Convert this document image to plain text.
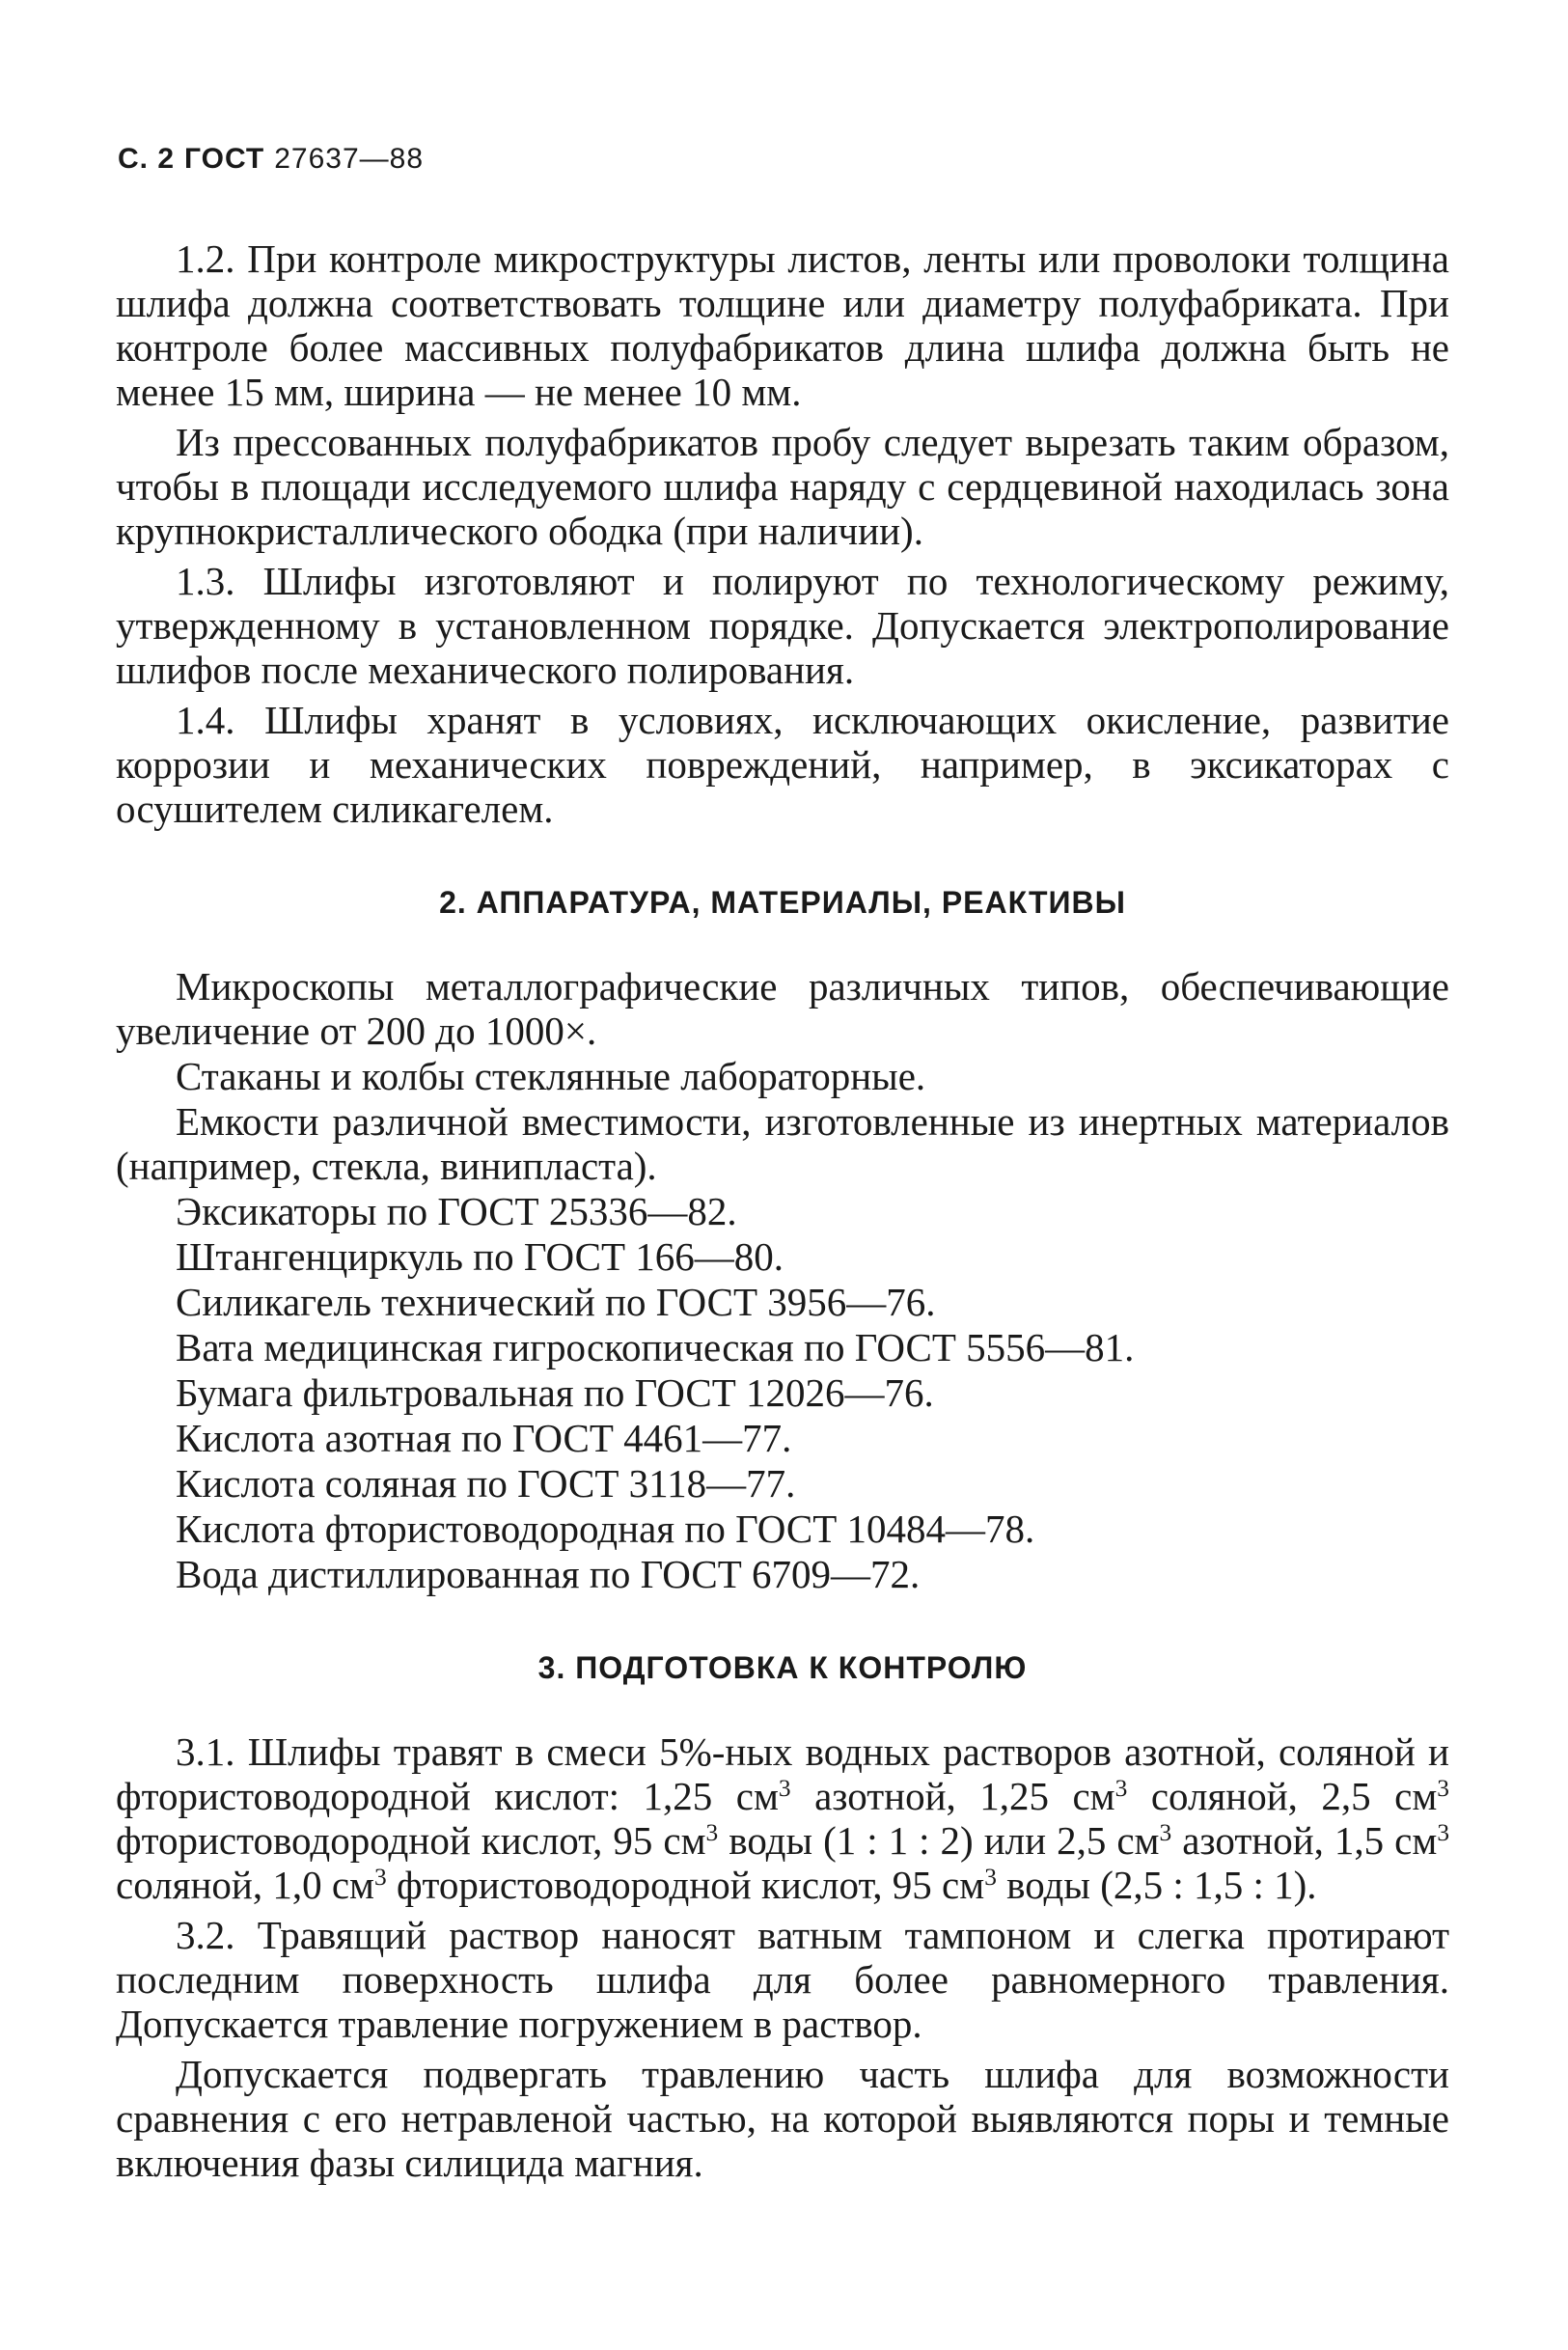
С. 2 ГОСТ 27637—88

1.2. При контроле микроструктуры листов, ленты или проволоки толщина шлифа должна соответствовать толщине или диаметру полуфабриката. При контроле более массивных полуфабрикатов длина шлифа должна быть не менее 15 мм, ширина — не менее 10 мм.

Из прессованных полуфабрикатов пробу следует вырезать таким образом, чтобы в площади исследуемого шлифа наряду с сердцевиной находилась зона крупнокристаллического ободка (при наличии).

1.3. Шлифы изготовляют и полируют по технологическому режиму, утвержденному в установленном порядке. Допускается электрополирование шлифов после механического полирования.

1.4. Шлифы хранят в условиях, исключающих окисление, развитие коррозии и механических повреждений, например, в эксикаторах с осушителем силикагелем.

2. АППАРАТУРА, МАТЕРИАЛЫ, РЕАКТИВЫ
Микроскопы металлографические различных типов, обеспечивающие увеличение от 200 до 1000×.
Стаканы и колбы стеклянные лабораторные.
Емкости различной вместимости, изготовленные из инертных материалов (например, стекла, винипласта).
Эксикаторы по ГОСТ 25336—82.
Штангенциркуль по ГОСТ 166—80.
Силикагель технический по ГОСТ 3956—76.
Вата медицинская гигроскопическая по ГОСТ 5556—81.
Бумага фильтровальная по ГОСТ 12026—76.
Кислота азотная по ГОСТ 4461—77.
Кислота соляная по ГОСТ 3118—77.
Кислота фтористоводородная по ГОСТ 10484—78.
Вода дистиллированная по ГОСТ 6709—72.
3. ПОДГОТОВКА К КОНТРОЛЮ

3.1. Шлифы травят в смеси 5%-ных водных растворов азотной, соляной и фтористоводородной кислот: 1,25 $см^3$ азотной, 1,25 $см^3$ соляной, 2,5 $см^3$ фтористоводородной кислот, 95 $см^3$ воды (1 : 1 : 2) или 2,5 $см^3$ азотной, 1,5 $см^3$ соляной, 1,0 $см^3$ фтористоводородной кислот, 95 $см^3$ воды (2,5 : 1,5 : 1).

3.2. Травящий раствор наносят ватным тампоном и слегка протирают последним поверхность шлифа для более равномерного травления. Допускается травление погружением в раствор.

Допускается подвергать травлению часть шлифа для возможности сравнения с его нетравленой частью, на которой выявляются поры и темные включения фазы силицида магния.
